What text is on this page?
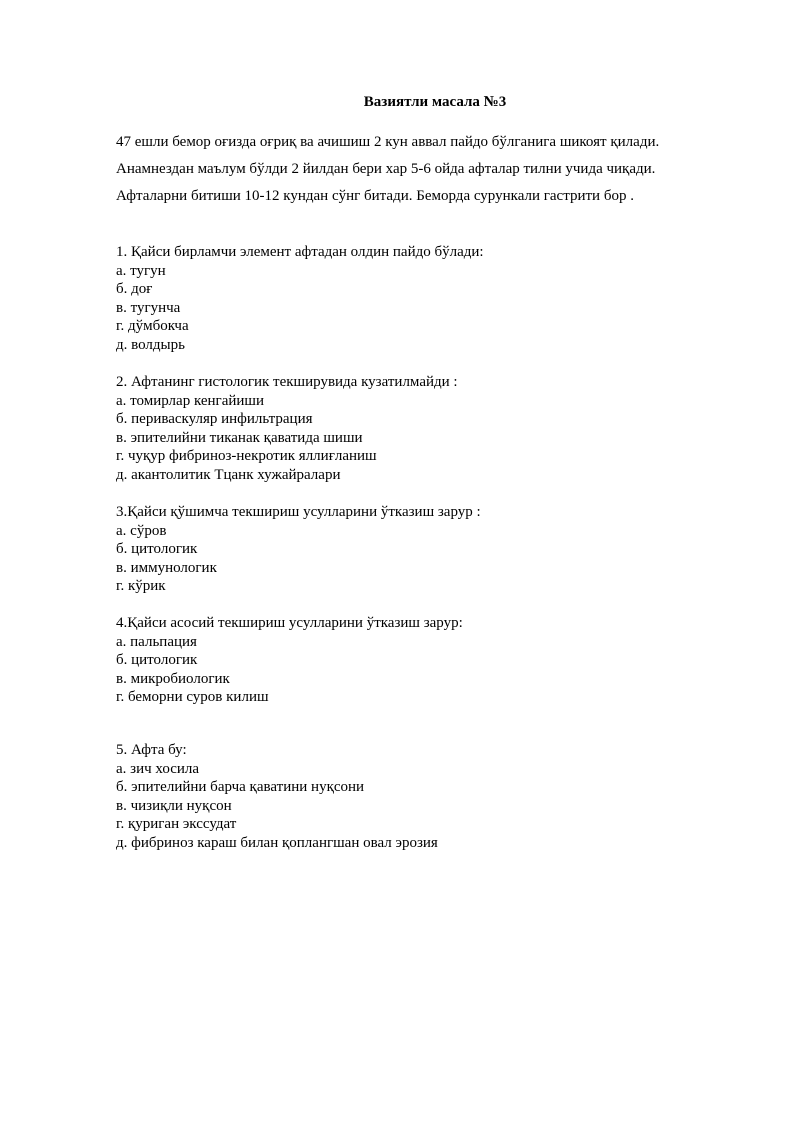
Вазиятли масала №3
47 ешли бемор оғизда оғриқ ва ачишиш 2 кун аввал пайдо бўлганига шикоят қилади.
Анамнездан маълум бўлди 2 йилдан бери хар 5-6 ойда афталар тилни учида чиқади.
Афталарни битиши 10-12 кундан сўнг битади. Беморда сурункали гастрити бор .
1. Қайси бирламчи элемент афтадан олдин пайдо бўлади:
а. тугун
б. доғ
в. тугунча
г. дўмбокча
д. волдырь
2. Афтанинг гистологик текширувида кузатилмайди :
а. томирлар кенгайиши
б. периваскуляр инфильтрация
в. эпителийни тиканак қаватида шиши
г. чуқур фибриноз-некротик яллиғланиш
д. акантолитик Тцанк хужайралари
3.Қайси қўшимча текшириш усулларини ўтказиш зарур :
а. сўров
б. цитологик
в. иммунологик
г. кўрик
4.Қайси асосий текшириш усулларини ўтказиш зарур:
а. пальпация
б. цитологик
в. микробиологик
г. беморни суров килиш
5. Афта бу:
а. зич хосила
б. эпителийни барча қаватини нуқсони
в. чизиқли нуқсон
г. қуриган экссудат
д. фибриноз караш билан қоплангшан овал эрозия
